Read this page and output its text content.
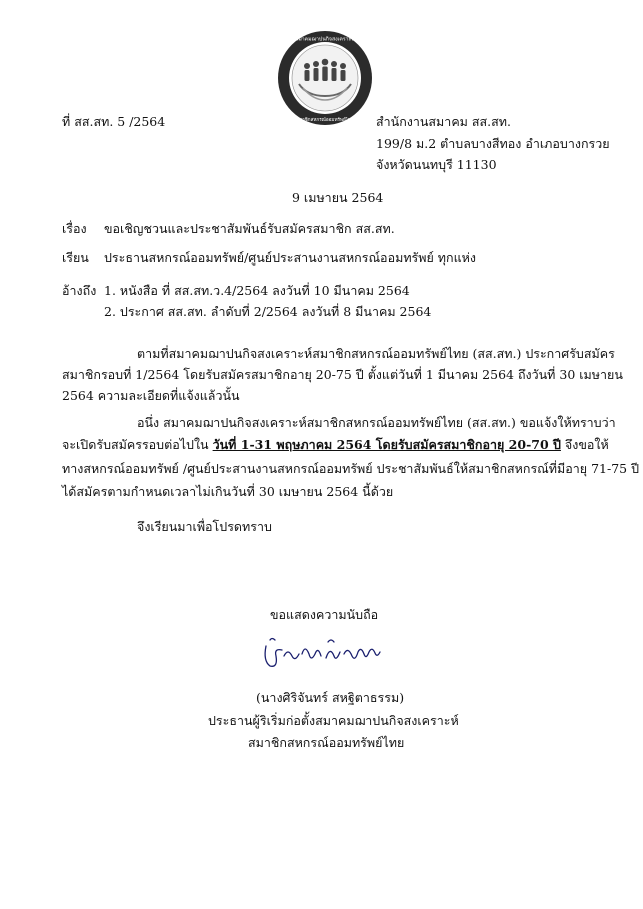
สมาคมฌาปนกิจสงเคราะห์
สมาชิกสหกรณ์ออมทรัพย์ไทย
ที่ สส.สท. 5 /2564	สำนักงานสมาคม สส.สท.
199/8 ม.2 ตำบลบางสีทอง อำเภอบางกรวย
จังหวัดนนทบุรี 11130
9 เมษายน 2564
เรื่อง ขอเชิญชวนและประชาสัมพันธ์รับสมัครสมาชิก สส.สท.
เรียน ประธานสหกรณ์ออมทรัพย์/ศูนย์ประสานงานสหกรณ์ออมทรัพย์ ทุกแห่ง
อ้างถึง 1. หนังสือ ที่ สส.สท.ว.4/2564 ลงวันที่ 10 มีนาคม 2564
2. ประกาศ สส.สท. ลำดับที่ 2/2564 ลงวันที่ 8 มีนาคม 2564
ตามที่สมาคมฌาปนกิจสงเคราะห์สมาชิกสหกรณ์ออมทรัพย์ไทย (สส.สท.) ประกาศรับสมัคร
สมาชิกรอบที่ 1/2564 โดยรับสมัครสมาชิกอายุ 20-75 ปี ตั้งแต่วันที่ 1 มีนาคม 2564 ถึงวันที่ 30 เมษายน
2564 ความละเอียดที่แจ้งแล้วนั้น
อนึ่ง สมาคมฌาปนกิจสงเคราะห์สมาชิกสหกรณ์ออมทรัพย์ไทย (สส.สท.) ขอแจ้งให้ทราบว่า
จะเปิดรับสมัครรอบต่อไปใน วันที่ 1-31 พฤษภาคม 2564 โดยรับสมัครสมาชิกอายุ 20-70 ปี จึงขอให้
ทางสหกรณ์ออมทรัพย์ /ศูนย์ประสานงานสหกรณ์ออมทรัพย์ ประชาสัมพันธ์ให้สมาชิกสหกรณ์ที่มีอายุ 71-75 ปี
ได้สมัครตามกำหนดเวลาไม่เกินวันที่ 30 เมษายน 2564 นี้ด้วย
จึงเรียนมาเพื่อโปรดทราบ
ขอแสดงความนับถือ
(นางศิริจันทร์ สหฐิตาธรรม)
ประธานผู้ริเริ่มก่อตั้งสมาคมฌาปนกิจสงเคราะห์
สมาชิกสหกรณ์ออมทรัพย์ไทย
